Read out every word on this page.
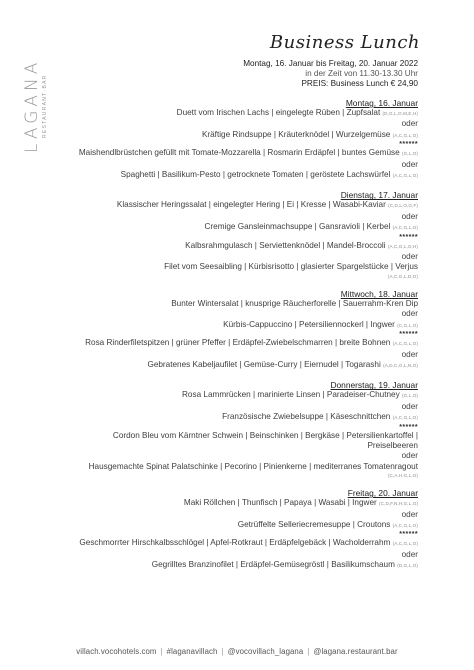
LAGANA RESTAURANT·BAR
Business Lunch
Montag, 16. Januar bis Freitag, 20. Januar 2022
in der Zeit von 11.30-13.30 Uhr
PREIS: Business Lunch € 24,90
Montag, 16. Januar
Duett vom Irischen Lachs | eingelegte Rüben | Zupfsalat (D,G,L,O,M,E,H)
oder
Kräftige Rindsuppe | Kräuterknödel | Wurzelgemüse (A,C,G,L,O)
******
Maishendlbrüstchen gefüllt mit Tomate-Mozzarella | Rosmarin Erdäpfel | buntes Gemüse (G,L,O)
oder
Spaghetti | Basilikum-Pesto | getrocknete Tomaten | geröstete Lachswürfel (A,C,G,L,O)
Dienstag, 17. Januar
Klassischer Heringssalat | eingelegter Hering | Ei | Kresse | Wasabi-Kaviar (C,D,L,O,G,F)
oder
Cremige Gansleinmachsuppe | Gansravioli | Kerbel (A,C,G,L,O)
******
Kalbsrahmgulasch | Serviettenknödel | Mandel-Broccoli (A,C,G,L,O,H)
oder
Filet vom Seesaibling | Kürbisrisotto | glasierter Spargelstücke | Verjus
(A,C,G,L,D,O)
Mittwoch, 18. Januar
Bunter Wintersalat | knusprige Räucherforelle | Sauerrahm-Kren Dip
oder
Kürbis-Cappuccino | Petersiliennockerl | Ingwer (C,G,L,O)
******
Rosa Rinderfiletspitzen | grüner Pfeffer | Erdäpfel-Zwiebelschmarren | breite Bohnen (A,C,G,L,O)
oder
Gebratenes Kabeljaufilet | Gemüse-Curry | Eiernudel | Togarashi (A,D,C,G,L,N,O)
Donnerstag, 19. Januar
Rosa Lammrücken | marinierte Linsen | Paradeiser-Chutney (G,L,O)
oder
Französische Zwiebelsuppe | Käseschnittchen (A,C,G,L,O)
******
Cordon Bleu vom Kärntner Schwein | Beinschinken | Bergkäse | Petersilienkartoffel |
Preiselbeeren
oder
Hausgemachte Spinat Palatschinke | Pecorino | Pinienkerne | mediterranes Tomatenragout
(C,A,H,G,L,O)
Freitag, 20. Januar
Maki Röllchen | Thunfisch | Papaya | Wasabi | Ingwer (C,D,F,N,H,G,L,O)
oder
Getrüffelte Selleriecremesuppe | Croutons (A,C,G,L,O)
******
Geschmorrter Hirschkalbsschlögel | Apfel-Rotkraut | Erdäpfelgebäck | Wacholderrahm (A,C,G,L,O)
oder
Gegrilltes Branzinofilet | Erdäpfel-Gemüsegröstl | Basilikumschaum (D,G,L,O)
villach.vocohotels.com | #laganavillach | @vocovillach_lagana | @lagana.restaurant.bar
